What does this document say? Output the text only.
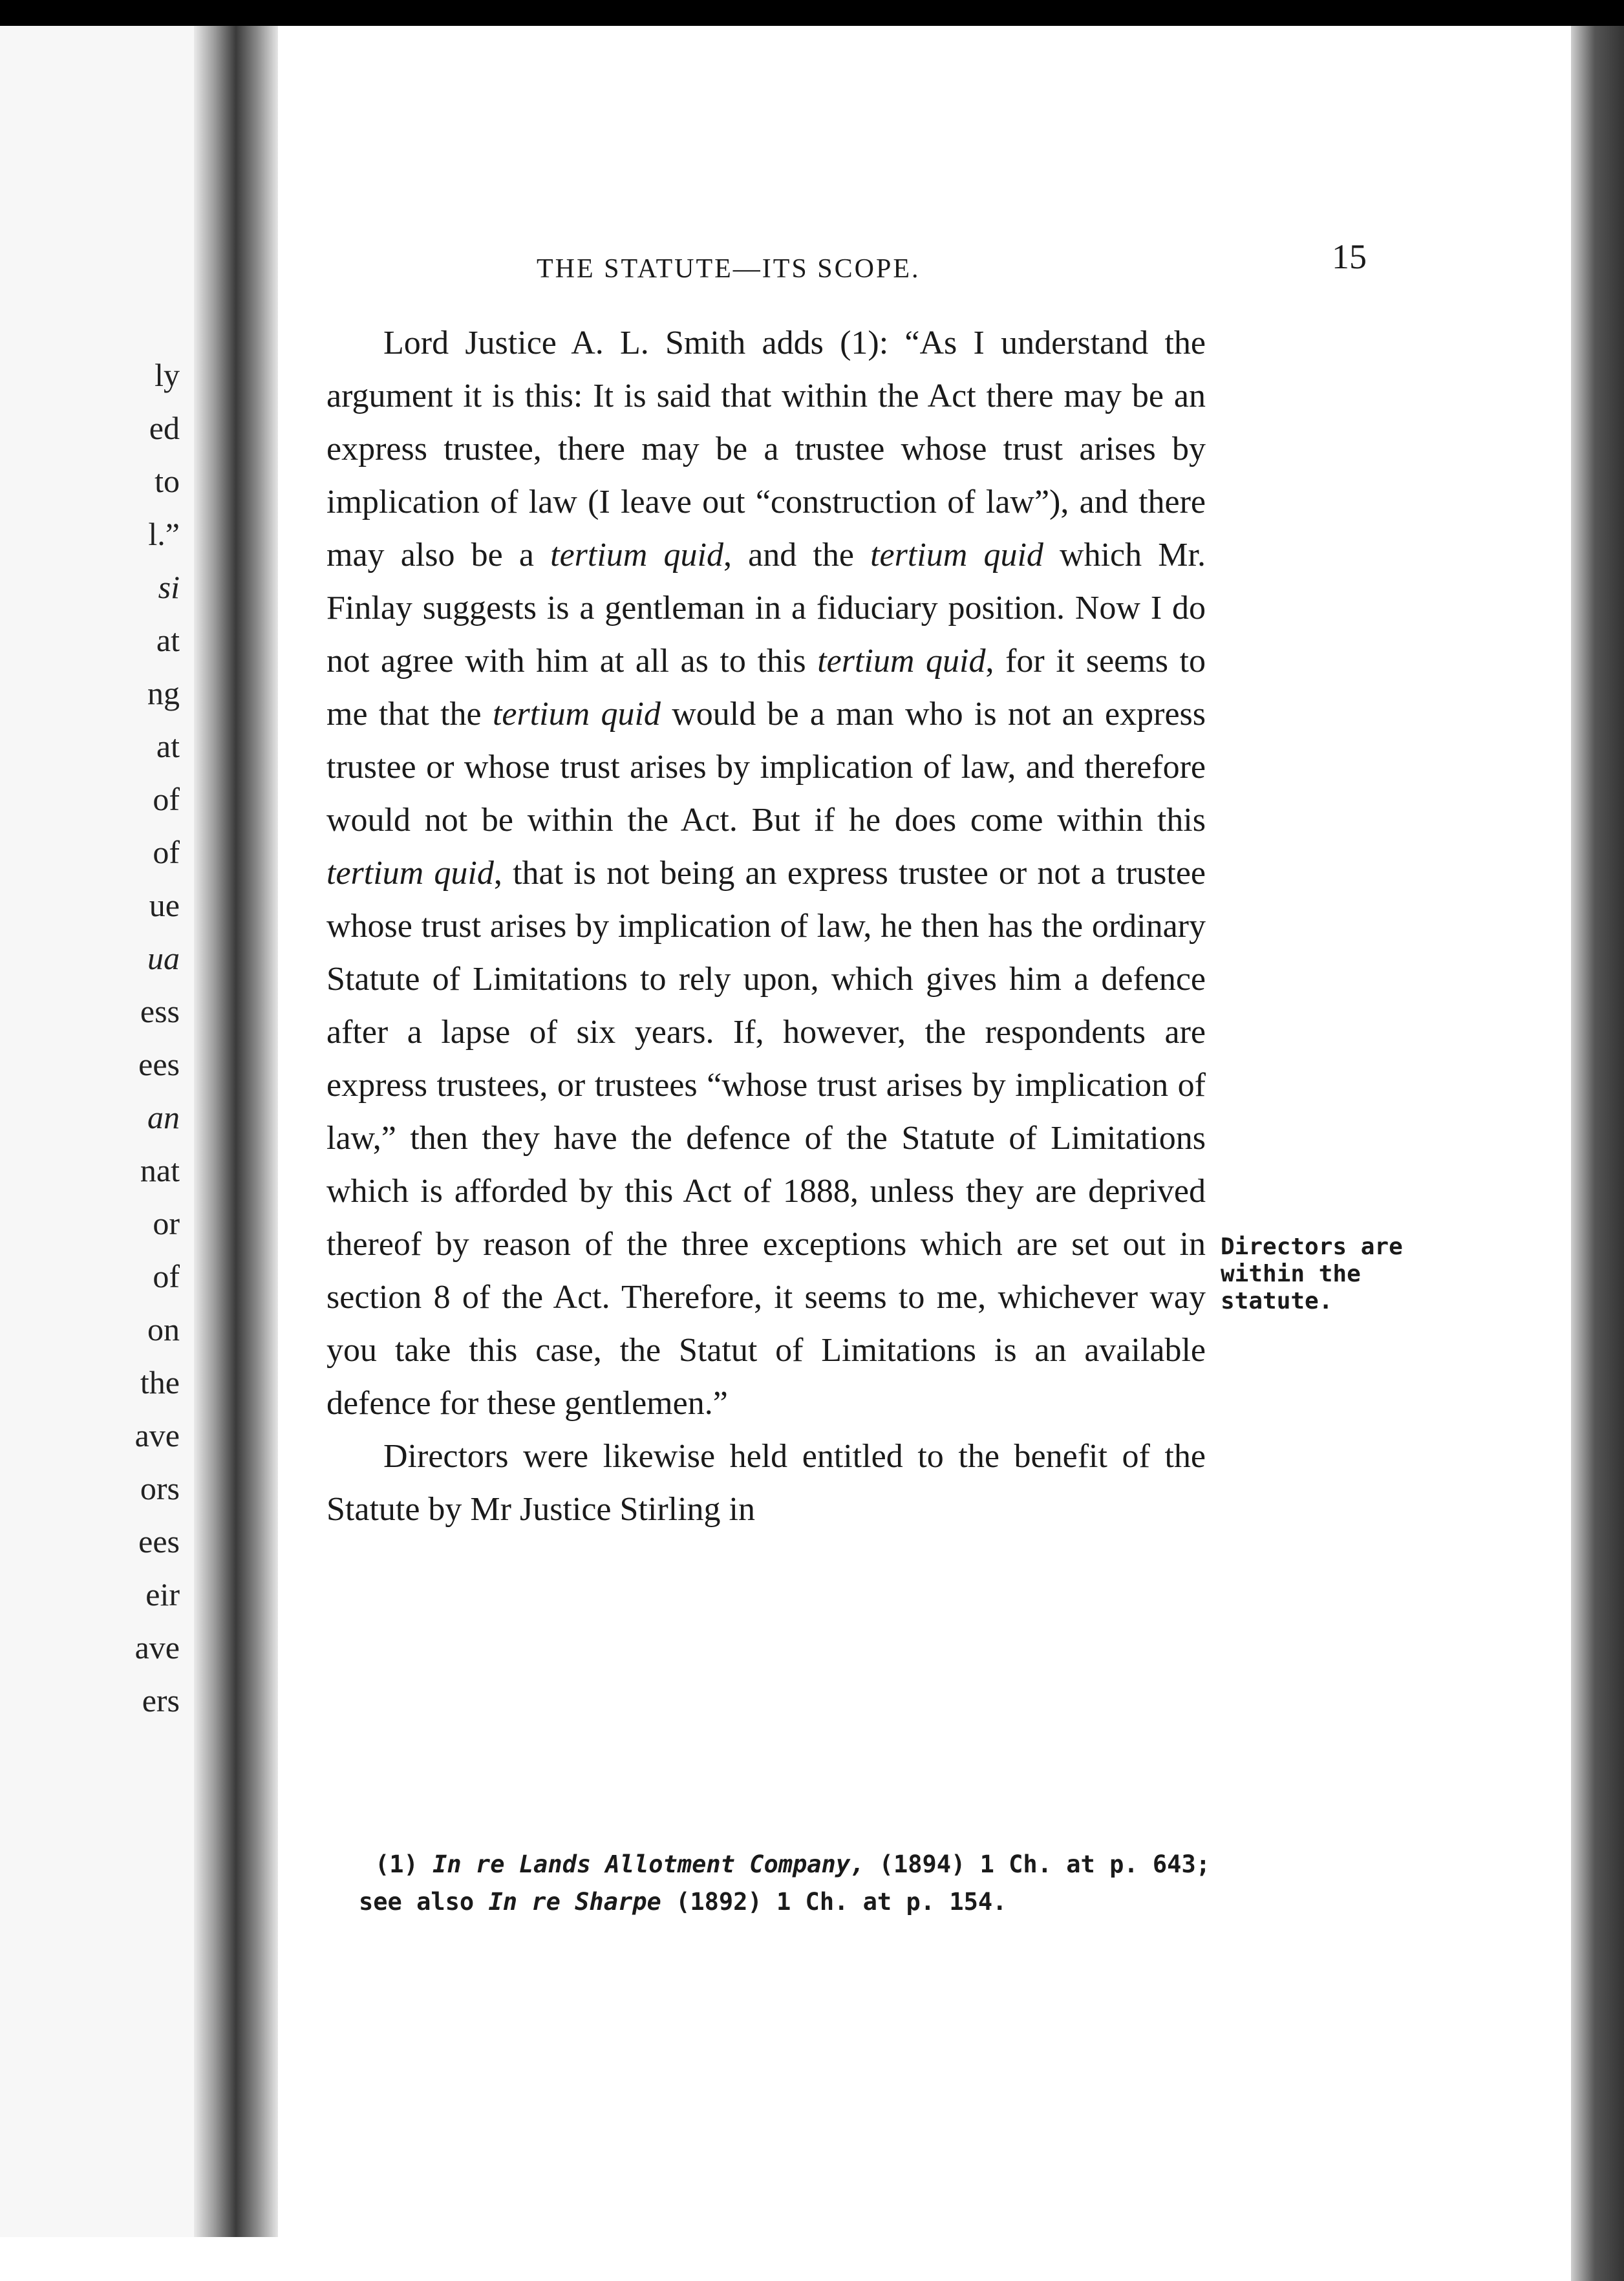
ly
ed
to
l.”
si
at
ng
at
of
of
ue
ua
ess
ees
an
nat
or
of
on
the
ave
ors
ees
eir
ave
ers
THE STATUTE—ITS SCOPE.	15

Lord Justice A. L. Smith adds (1): “As I understand the argument it is this: It is said that within the Act there may be an express trustee, there may be a trustee whose trust arises by implication of law (I leave out “construction of law”), and there may also be a tertium quid, and the tertium quid which Mr. Finlay suggests is a gentleman in a fiduciary position. Now I do not agree with him at all as to this tertium quid, for it seems to me that the tertium quid would be a man who is not an express trustee or whose trust arises by implication of law, and therefore would not be within the Act. But if he does come within this tertium quid, that is not being an express trustee or not a trustee whose trust arises by implication of law, he then has the ordinary Statute of Limitations to rely upon, which gives him a defence after a lapse of six years. If, however, the respondents are express trustees, or trustees “whose trust arises by implication of law,” then they have the defence of the Statute of Limitations which is afforded by this Act of 1888, unless they are deprived thereof by reason of the three exceptions which are set out in section 8 of the Act. Therefore, it seems to me, whichever way you take this case, the Statut of Limitations is an available defence for these gentlemen.”

Directors were likewise held entitled to the benefit of the Statute by Mr Justice Stirling in

Directors are
within the
statute.
(1) In re Lands Allotment Company, (1894) 1 Ch. at p. 643;
see also In re Sharpe (1892) 1 Ch. at p. 154.
